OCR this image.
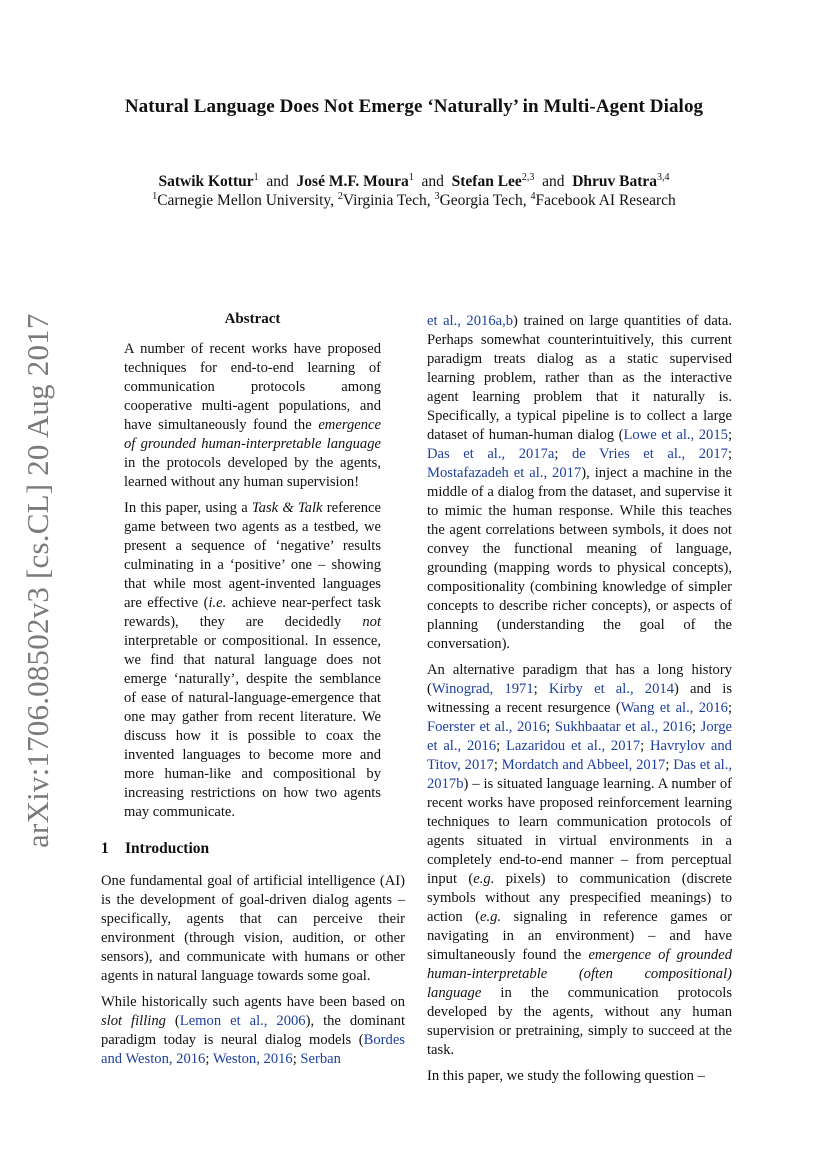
Natural Language Does Not Emerge ‘Naturally’ in Multi-Agent Dialog
Satwik Kottur$^1$ and José M.F. Moura$^1$ and Stefan Lee$^{2,3}$ and Dhruv Batra$^{3,4}$
$^1$Carnegie Mellon University, $^2$Virginia Tech, $^3$Georgia Tech, $^4$Facebook AI Research
arXiv:1706.08502v3 [cs.CL] 20 Aug 2017	Abstract

A number of recent works have proposed techniques for end-to-end learning of communication protocols among cooperative multi-agent populations, and have simultaneously found the emergence of grounded human-interpretable language in the protocols developed by the agents, learned without any human supervision!

In this paper, using a Task & Talk reference game between two agents as a testbed, we present a sequence of ‘negative’ results culminating in a ‘positive’ one – showing that while most agent-invented languages are effective (i.e. achieve near-perfect task rewards), they are decidedly not interpretable or compositional. In essence, we find that natural language does not emerge ‘naturally’, despite the semblance of ease of natural-language-emergence that one may gather from recent literature. We discuss how it is possible to coax the invented languages to become more and more human-like and compositional by increasing restrictions on how two agents may communicate.

1 Introduction

One fundamental goal of artificial intelligence (AI) is the development of goal-driven dialog agents – specifically, agents that can perceive their environment (through vision, audition, or other sensors), and communicate with humans or other agents in natural language towards some goal.

While historically such agents have been based on slot filling (Lemon et al., 2006), the dominant paradigm today is neural dialog models (Bordes and Weston, 2016; Weston, 2016; Serban

et al., 2016a,b) trained on large quantities of data. Perhaps somewhat counterintuitively, this current paradigm treats dialog as a static supervised learning problem, rather than as the interactive agent learning problem that it naturally is. Specifically, a typical pipeline is to collect a large dataset of human-human dialog (Lowe et al., 2015; Das et al., 2017a; de Vries et al., 2017; Mostafazadeh et al., 2017), inject a machine in the middle of a dialog from the dataset, and supervise it to mimic the human response. While this teaches the agent correlations between symbols, it does not convey the functional meaning of language, grounding (mapping words to physical concepts), compositionality (combining knowledge of simpler concepts to describe richer concepts), or aspects of planning (understanding the goal of the conversation).

An alternative paradigm that has a long history (Winograd, 1971; Kirby et al., 2014) and is witnessing a recent resurgence (Wang et al., 2016; Foerster et al., 2016; Sukhbaatar et al., 2016; Jorge et al., 2016; Lazaridou et al., 2017; Havrylov and Titov, 2017; Mordatch and Abbeel, 2017; Das et al., 2017b) – is situated language learning. A number of recent works have proposed reinforcement learning techniques to learn communication protocols of agents situated in virtual environments in a completely end-to-end manner – from perceptual input (e.g. pixels) to communication (discrete symbols without any prespecified meanings) to action (e.g. signaling in reference games or navigating in an environment) – and have simultaneously found the emergence of grounded human-interpretable (often compositional) language in the communication protocols developed by the agents, without any human supervision or pretraining, simply to succeed at the task.

In this paper, we study the following question –
